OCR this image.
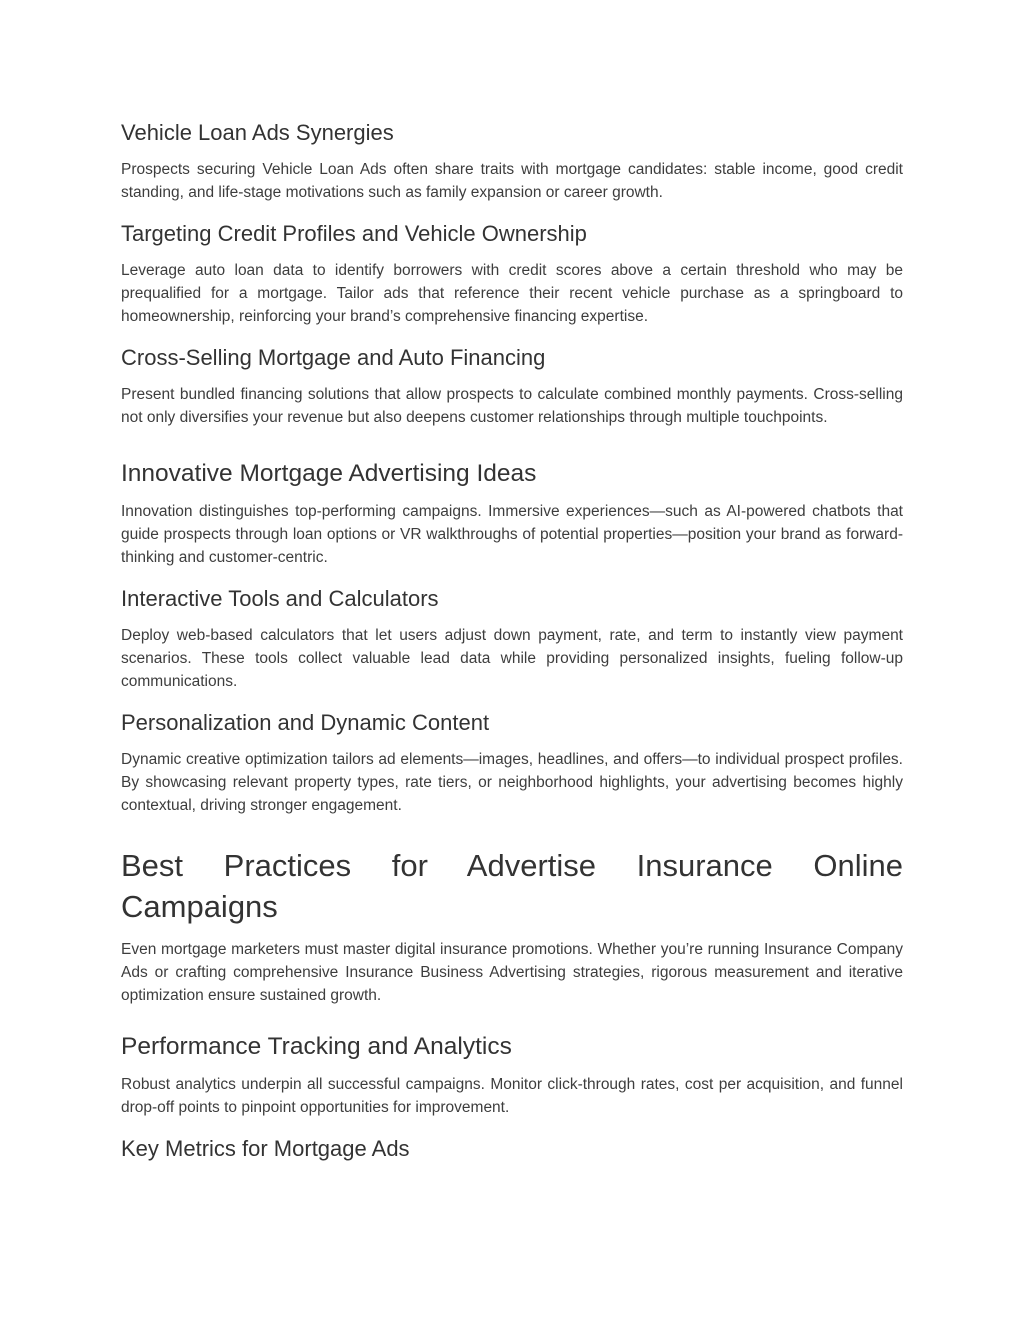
Vehicle Loan Ads Synergies

Prospects securing Vehicle Loan Ads often share traits with mortgage candidates: stable income, good credit standing, and life-stage motivations such as family expansion or career growth.

Targeting Credit Profiles and Vehicle Ownership

Leverage auto loan data to identify borrowers with credit scores above a certain threshold who may be prequalified for a mortgage. Tailor ads that reference their recent vehicle purchase as a springboard to homeownership, reinforcing your brand’s comprehensive financing expertise.

Cross-Selling Mortgage and Auto Financing

Present bundled financing solutions that allow prospects to calculate combined monthly payments. Cross-selling not only diversifies your revenue but also deepens customer relationships through multiple touchpoints.

Innovative Mortgage Advertising Ideas

Innovation distinguishes top-performing campaigns. Immersive experiences—such as AI-powered chatbots that guide prospects through loan options or VR walkthroughs of potential properties—position your brand as forward-thinking and customer-centric.

Interactive Tools and Calculators

Deploy web-based calculators that let users adjust down payment, rate, and term to instantly view payment scenarios. These tools collect valuable lead data while providing personalized insights, fueling follow-up communications.

Personalization and Dynamic Content

Dynamic creative optimization tailors ad elements—images, headlines, and offers—to individual prospect profiles. By showcasing relevant property types, rate tiers, or neighborhood highlights, your advertising becomes highly contextual, driving stronger engagement.

Best Practices for Advertise Insurance Online Campaigns

Even mortgage marketers must master digital insurance promotions. Whether you’re running Insurance Company Ads or crafting comprehensive Insurance Business Advertising strategies, rigorous measurement and iterative optimization ensure sustained growth.

Performance Tracking and Analytics

Robust analytics underpin all successful campaigns. Monitor click-through rates, cost per acquisition, and funnel drop-off points to pinpoint opportunities for improvement.

Key Metrics for Mortgage Ads
